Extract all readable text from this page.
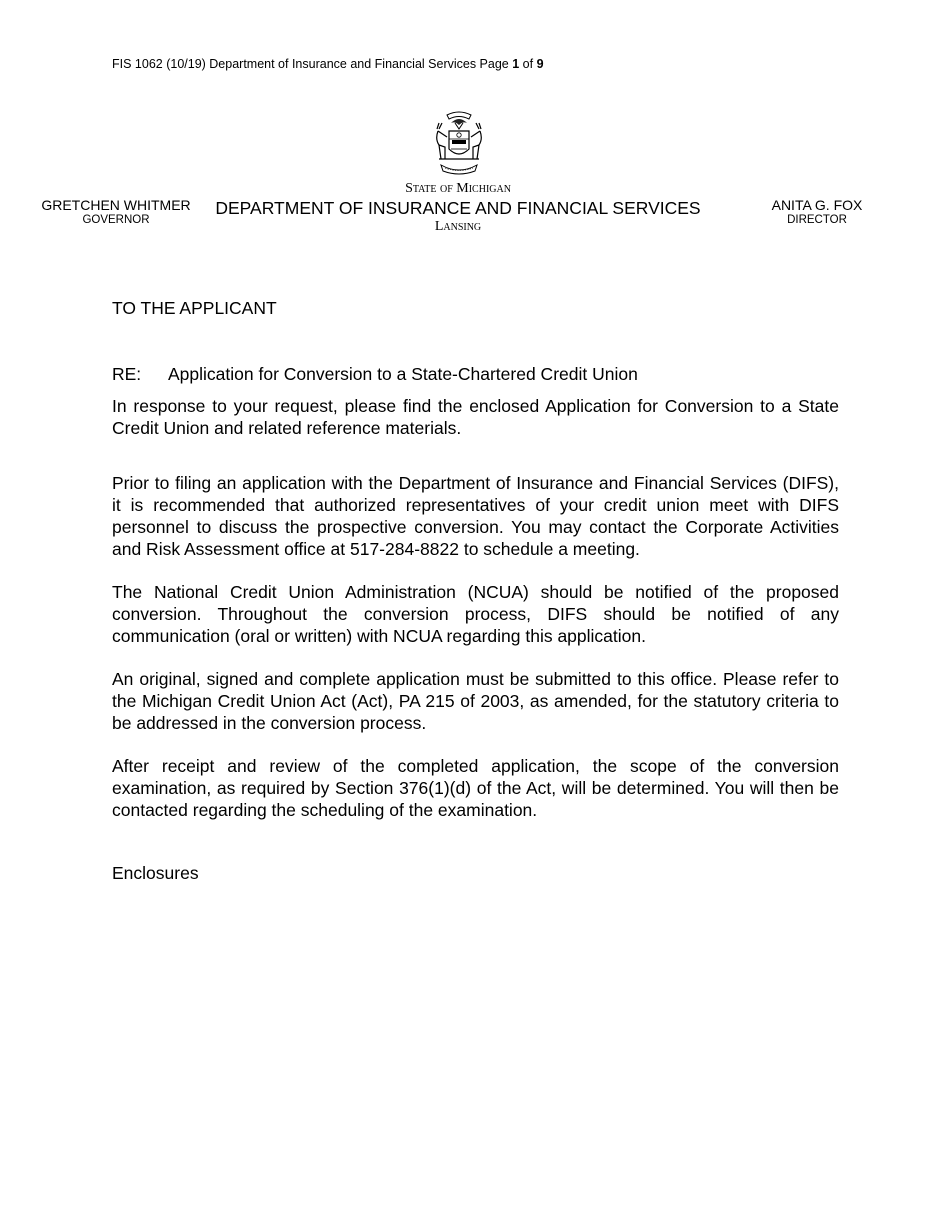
FIS 1062 (10/19) Department of Insurance and Financial Services Page 1 of 9
State of Michigan
DEPARTMENT OF INSURANCE AND FINANCIAL SERVICES
Lansing
GRETCHEN WHITMER
GOVERNOR
ANITA G. FOX
DIRECTOR
TO THE APPLICANT
RE: Application for Conversion to a State-Chartered Credit Union

In response to your request, please find the enclosed Application for Conversion to a State Credit Union and related reference materials.

Prior to filing an application with the Department of Insurance and Financial Services (DIFS), it is recommended that authorized representatives of your credit union meet with DIFS personnel to discuss the prospective conversion. You may contact the Corporate Activities and Risk Assessment office at 517-284-8822 to schedule a meeting.

The National Credit Union Administration (NCUA) should be notified of the proposed conversion. Throughout the conversion process, DIFS should be notified of any communication (oral or written) with NCUA regarding this application.

An original, signed and complete application must be submitted to this office. Please refer to the Michigan Credit Union Act (Act), PA 215 of 2003, as amended, for the statutory criteria to be addressed in the conversion process.

After receipt and review of the completed application, the scope of the conversion examination, as required by Section 376(1)(d) of the Act, will be determined. You will then be contacted regarding the scheduling of the examination.

Enclosures
